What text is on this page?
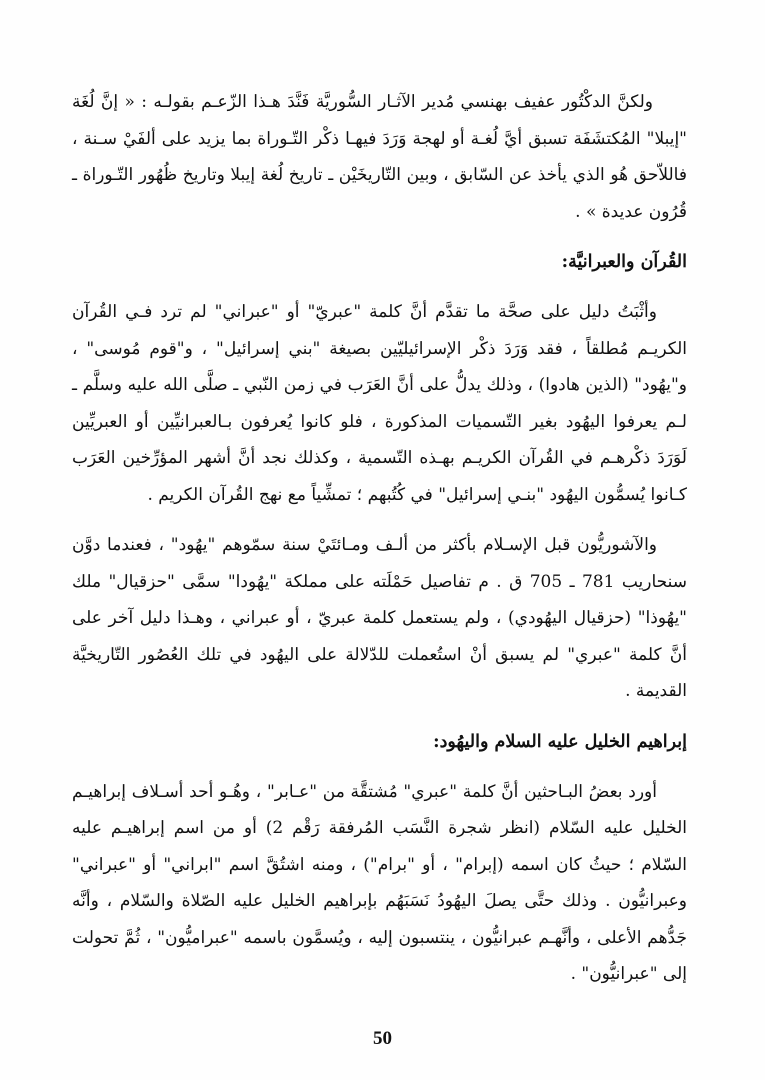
ولكنَّ الدكْتُور عفيف بهنسي مُدير الآثـار السُّوريَّة فَنَّدَ هـذا الزّعـم بقولـه : « إنَّ لُغَة "إيبلا" المُكتشَفَة تسبق أيَّ لُغـة أو لهجة وَرَدَ فيهـا ذكْر التّـوراة بما يزيد على ألفَيْ سـنة ، فاللاّحق هُو الذي يأخذ عن السّابق ، وبين التّاريخَيْن ـ تاريخ لُغة إيبلا وتاريخ ظُهُور التّـوراة ـ قُرُون عديدة » .

القُرآن والعبرانيَّة:

وأثْبَتُ دليل على صحَّة ما تقدَّم أنَّ كلمة "عبريّ" أو "عبراني" لم ترد فـي القُرآن الكريـم مُطلقاً ، فقد وَرَدَ ذكْر الإسرائيليّين بصيغة "بني إسرائيل" ، و"قوم مُوسى" ، و"يهُود" (الذين هادوا) ، وذلك يدلُّ على أنَّ العَرَب في زمن النّبي ـ صلَّى الله عليه وسلَّم ـ لـم يعرفوا اليهُود بغير التّسميات المذكورة ، فلو كانوا يُعرفون بـالعبرانيِّين أو العبريِّين لَوَرَدَ ذكْرهـم في القُرآن الكريـم بهـذه التّسمية ، وكذلك نجد أنَّ أشهر المؤرِّخين العَرَب كـانوا يُسمُّون اليهُود "بنـي إسرائيل" في كُتُبهم ؛ تمشِّياً مع نهج القُرآن الكريم .

والآشوريُّون قبل الإسـلام بأكثر من ألـف ومـائتَيْ سنة سمّوهم "يهُود" ، فعندما دوَّن سنحاريب 781 ـ 705 ق . م تفاصيل حَمْلَته على مملكة "يهُودا" سمَّى "حزقيال" ملك "يهُوذا" (حزقيال اليهُودي) ، ولم يستعمل كلمة عبريّ ، أو عبراني ، وهـذا دليل آخر على أنَّ كلمة "عبري" لم يسبق أنْ استُعملت للدّلالة على اليهُود في تلك العُصُور التّاريخيَّة القديمة .

إبراهيم الخليل عليه السلام واليهُود:

أورد بعضُ البـاحثين أنَّ كلمة "عبري" مُشتقَّة من "عـابر" ، وهُـو أحد أسـلاف إبراهيـم الخليل عليه السّلام (انظر شجرة النَّسَب المُرفقة رَقْم 2) أو من اسم إبراهيـم عليه السّلام ؛ حيثُ كان اسمه (إبرام" ، أو "برام") ، ومنه اشتُقَّ اسم "ابراني" أو "عبراني" وعبرانيُّون . وذلك حتَّى يصلَ اليهُودُ نَسَبَهُم بإبراهيم الخليل عليه الصّلاة والسّلام ، وأنَّه جَدُّهم الأعلى ، وأنَّهـم عبرانيُّون ، ينتسبون إليه ، ويُسمَّون باسمه "عبراميُّون" ، ثُمَّ تحولت إلى "عبرانيُّون" .

50
